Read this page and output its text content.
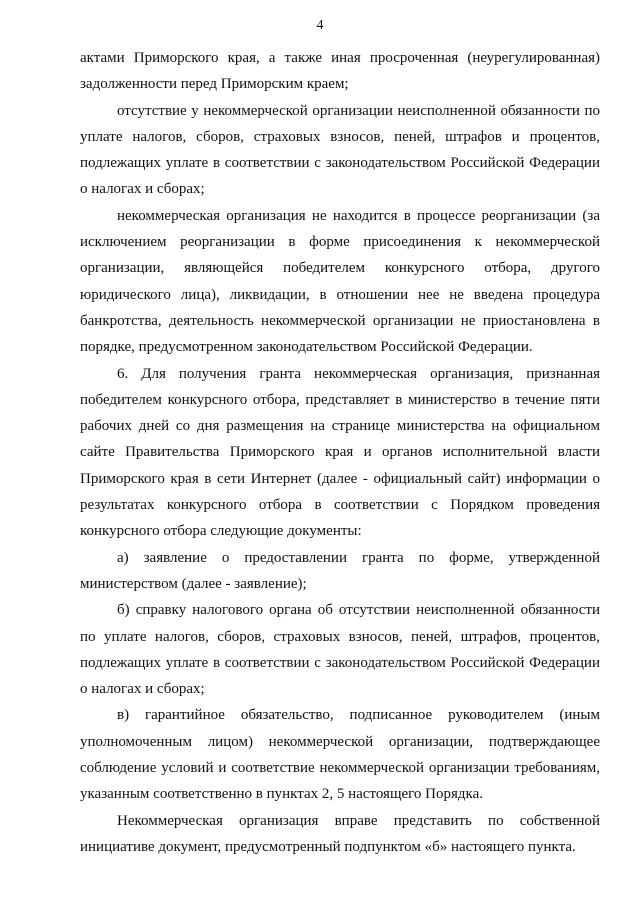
4

актами Приморского края, а также иная просроченная (неурегулированная) задолженности перед Приморским краем;

отсутствие у некоммерческой организации неисполненной обязанности по уплате налогов, сборов, страховых взносов, пеней, штрафов и процентов, подлежащих уплате в соответствии с законодательством Российской Федерации о налогах и сборах;

некоммерческая организация не находится в процессе реорганизации (за исключением реорганизации в форме присоединения к некоммерческой организации, являющейся победителем конкурсного отбора, другого юридического лица), ликвидации, в отношении нее не введена процедура банкротства, деятельность некоммерческой организации не приостановлена в порядке, предусмотренном законодательством Российской Федерации.

6. Для получения гранта некоммерческая организация, признанная победителем конкурсного отбора, представляет в министерство в течение пяти рабочих дней со дня размещения на странице министерства на официальном сайте Правительства Приморского края и органов исполнительной власти Приморского края в сети Интернет (далее - официальный сайт) информации о результатах конкурсного отбора в соответствии с Порядком проведения конкурсного отбора следующие документы:

а) заявление о предоставлении гранта по форме, утвержденной министерством (далее - заявление);

б) справку налогового органа об отсутствии неисполненной обязанности по уплате налогов, сборов, страховых взносов, пеней, штрафов, процентов, подлежащих уплате в соответствии с законодательством Российской Федерации о налогах и сборах;

в) гарантийное обязательство, подписанное руководителем (иным уполномоченным лицом) некоммерческой организации, подтверждающее соблюдение условий и соответствие некоммерческой организации требованиям, указанным соответственно в пунктах 2, 5 настоящего Порядка.

Некоммерческая организация вправе представить по собственной инициативе документ, предусмотренный подпунктом «б» настоящего пункта.
